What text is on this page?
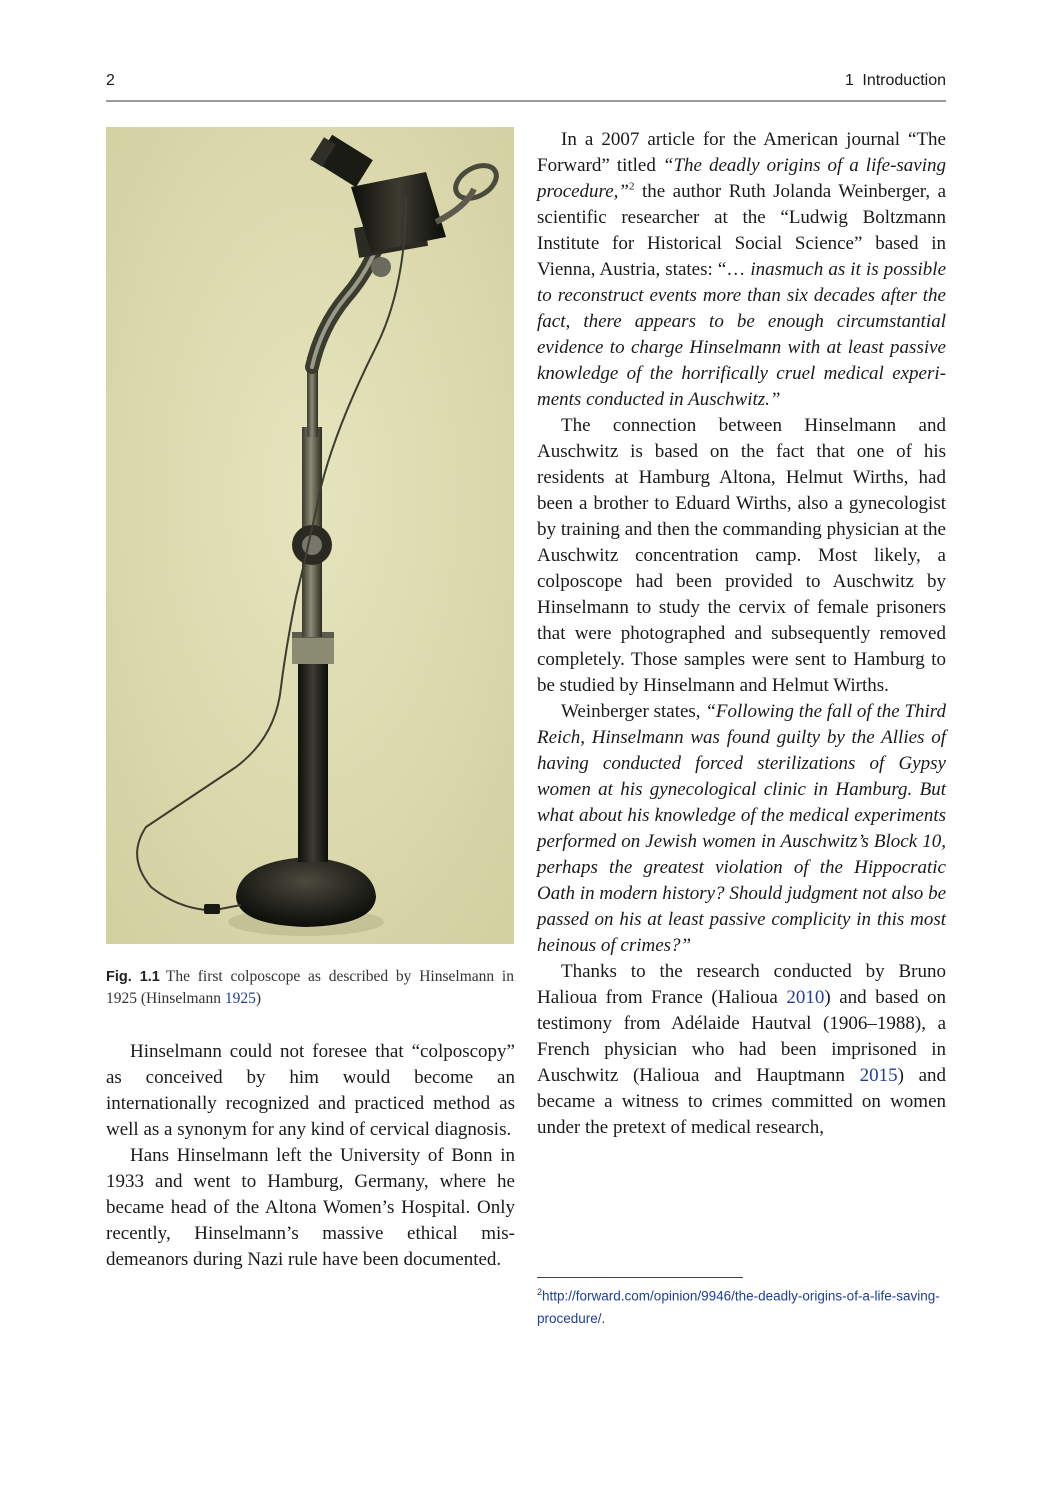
2	1 Introduction
Fig. 1.1 The first colposcope as described by Hinselmann in 1925 (Hinselmann 1925)

Hinselmann could not foresee that “colposcopy” as conceived by him would become an internationally recognized and practiced method as well as a synonym for any kind of cervical diagnosis.

Hans Hinselmann left the University of Bonn in 1933 and went to Hamburg, Germany, where he became head of the Altona Women’s Hospital. Only recently, Hinselmann’s massive ethical misdemeanors during Nazi rule have been documented.

In a 2007 article for the American journal “The Forward” titled “The deadly origins of a life-saving procedure,”$^2$ the author Ruth Jolanda Weinberger, a scientific researcher at the “Ludwig Boltzmann Institute for Historical Social Science” based in Vienna, Austria, states: “… inasmuch as it is possible to reconstruct events more than six decades after the fact, there appears to be enough circumstantial evidence to charge Hinselmann with at least passive knowledge of the horrifically cruel medical experiments conducted in Auschwitz.”

The connection between Hinselmann and Auschwitz is based on the fact that one of his residents at Hamburg Altona, Helmut Wirths, had been a brother to Eduard Wirths, also a gynecologist by training and then the commanding physician at the Auschwitz concentration camp. Most likely, a colposcope had been provided to Auschwitz by Hinselmann to study the cervix of female prisoners that were photographed and subsequently removed completely. Those samples were sent to Hamburg to be studied by Hinselmann and Helmut Wirths.

Weinberger states, “Following the fall of the Third Reich, Hinselmann was found guilty by the Allies of having conducted forced sterilizations of Gypsy women at his gynecological clinic in Hamburg. But what about his knowledge of the medical experiments performed on Jewish women in Auschwitz’s Block 10, perhaps the greatest violation of the Hippocratic Oath in modern history? Should judgment not also be passed on his at least passive complicity in this most heinous of crimes?”

Thanks to the research conducted by Bruno Halioua from France (Halioua 2010) and based on testimony from Adélaide Hautval (1906–1988), a French physician who had been imprisoned in Auschwitz (Halioua and Hauptmann 2015) and became a witness to crimes committed on women under the pretext of medical research,

$^2$http://forward.com/opinion/9946/the-deadly-origins-of-a-life-saving-procedure/.
